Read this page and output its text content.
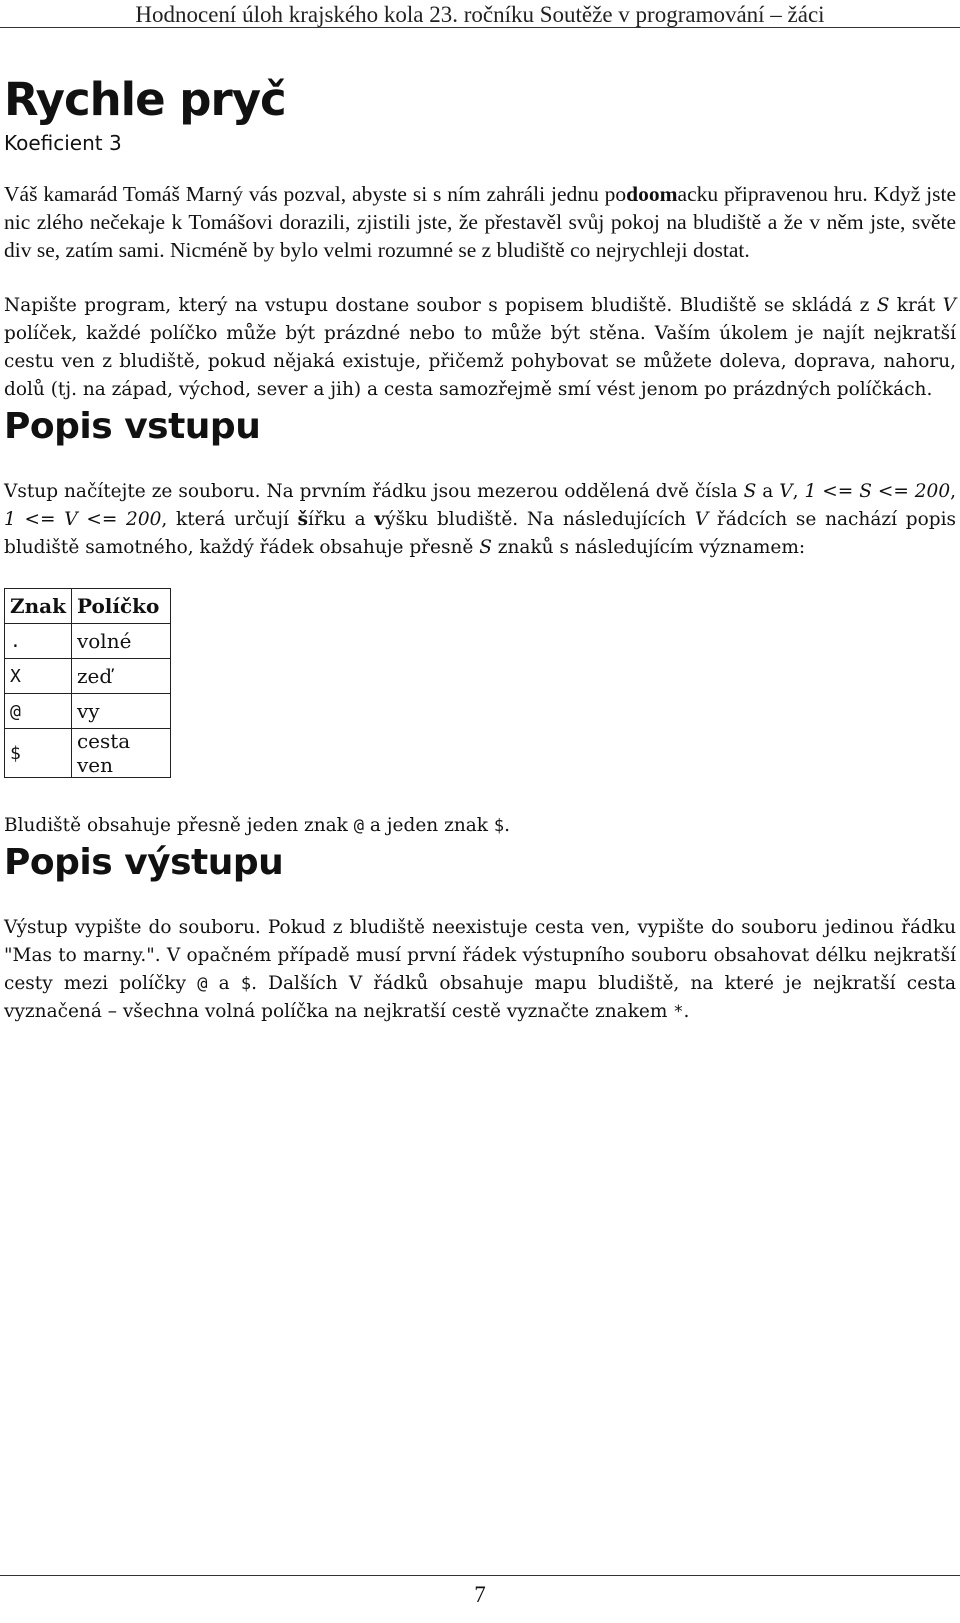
Hodnocení úloh krajského kola 23. ročníku Soutěže v programování – žáci
Rychle pryč
Koeficient 3

Váš kamarád Tomáš Marný vás pozval, abyste si s ním zahráli jednu podoomacku připravenou hru. Když jste nic zlého nečekaje k Tomášovi dorazili, zjistili jste, že přestavěl svůj pokoj na bludiště a že v něm jste, světe div se, zatím sami. Nicméně by bylo velmi rozumné se z bludiště co nejrychleji dostat.

Napište program, který na vstupu dostane soubor s popisem bludiště. Bludiště se skládá z S krát V políček, každé políčko může být prázdné nebo to může být stěna. Vaším úkolem je najít nejkratší cestu ven z bludiště, pokud nějaká existuje, přičemž pohybovat se můžete doleva, doprava, nahoru, dolů (tj. na západ, východ, sever a jih) a cesta samozřejmě smí vést jenom po prázdných políčkách.

Popis vstupu

Vstup načítejte ze souboru. Na prvním řádku jsou mezerou oddělená dvě čísla S a V, 1 <= S <= 200, 1 <= V <= 200, která určují šířku a výšku bludiště. Na následujících V řádcích se nachází popis bludiště samotného, každý řádek obsahuje přesně S znaků s následujícím významem:

Znak	Políčko
.	volné
X	zeď
@	vy
$	cesta ven

Bludiště obsahuje přesně jeden znak @ a jeden znak $.

Popis výstupu

Výstup vypište do souboru. Pokud z bludiště neexistuje cesta ven, vypište do souboru jedinou řádku "Mas to marny.". V opačném případě musí první řádek výstupního souboru obsahovat délku nejkratší cesty mezi políčky @ a $. Dalších V řádků obsahuje mapu bludiště, na které je nejkratší cesta vyznačená – všechna volná políčka na nejkratší cestě vyznačte znakem *.

7
